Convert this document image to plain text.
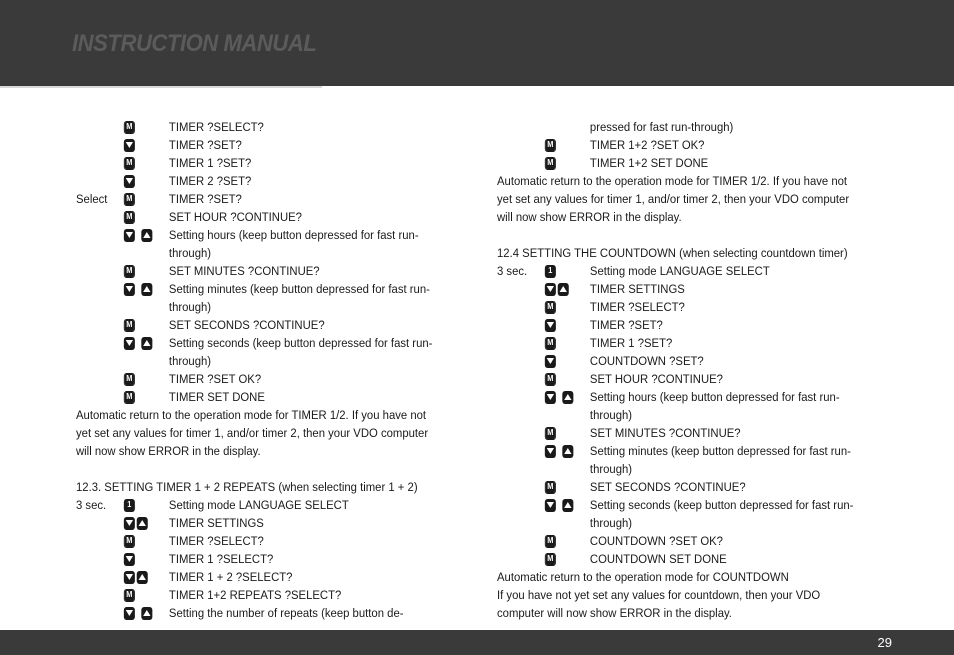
INSTRUCTION MANUAL
M	TIMER ?SELECT?
TIMER ?SET?
M	TIMER 1 ?SET?
TIMER 2 ?SET?
Select	M	TIMER ?SET?
M	SET HOUR ?CONTINUE?
Setting hours (keep button depressed for fast run-through)
M	SET MINUTES ?CONTINUE?
Setting minutes (keep button depressed for fast run-through)
M	SET SECONDS ?CONTINUE?
Setting seconds (keep button depressed for fast run-through)
M	TIMER ?SET OK?
M	TIMER SET DONE

Automatic return to the operation mode for TIMER 1/2. If you have not yet set any values for timer 1, and/or timer 2, then your VDO computer will now show ERROR in the display.

12.3. SETTING TIMER 1 + 2 REPEATS (when selecting timer 1 + 2)

3 sec.	1	Setting mode LANGUAGE SELECT
TIMER SETTINGS
M	TIMER ?SELECT?
TIMER 1 ?SELECT?
TIMER 1 + 2 ?SELECT?
M	TIMER 1+2 REPEATS ?SELECT?
Setting the number of repeats (keep button de-
pressed for fast run-through)
M	TIMER 1+2 ?SET OK?
M	TIMER 1+2 SET DONE

Automatic return to the operation mode for TIMER 1/2. If you have not yet set any values for timer 1, and/or timer 2, then your VDO computer will now show ERROR in the display.

12.4 SETTING THE COUNTDOWN (when selecting countdown timer)

3 sec.	1	Setting mode LANGUAGE SELECT
TIMER SETTINGS
M	TIMER ?SELECT?
TIMER ?SET?
M	TIMER 1 ?SET?
COUNTDOWN ?SET?
M	SET HOUR ?CONTINUE?
Setting hours (keep button depressed for fast run-through)
M	SET MINUTES ?CONTINUE?
Setting minutes (keep button depressed for fast run-through)
M	SET SECONDS ?CONTINUE?
Setting seconds (keep button depressed for fast run-through)
M	COUNTDOWN ?SET OK?
M	COUNTDOWN SET DONE

Automatic return to the operation mode for COUNTDOWN

If you have not yet set any values for countdown, then your VDO computer will now show ERROR in the display.

29
